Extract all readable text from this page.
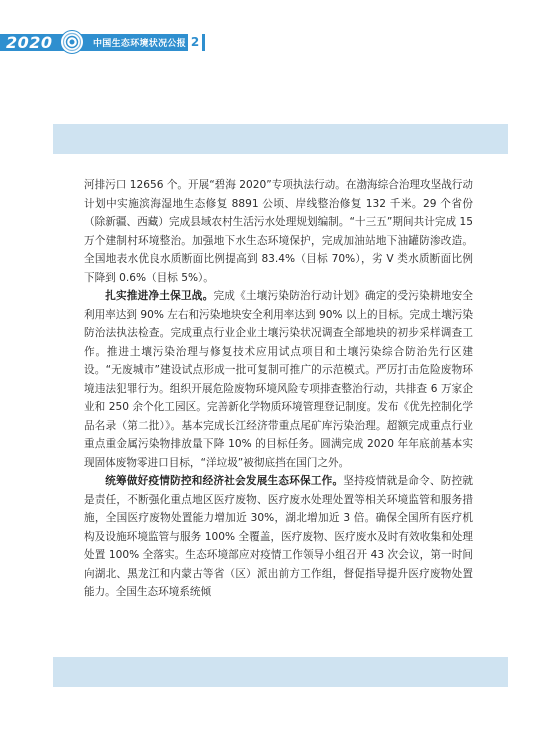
2020	中国生态环境状况公报 2

河排污口 12656 个。开展“碧海 2020”专项执法行动。在渤海综合治理攻坚战行动计划中实施滨海湿地生态修复 8891 公顷、岸线整治修复 132 千米。29 个省份（除新疆、西藏）完成县域农村生活污水处理规划编制。“十三五”期间共计完成 15 万个建制村环境整治。加强地下水生态环境保护，完成加油站地下油罐防渗改造。全国地表水优良水质断面比例提高到 83.4%（目标 70%），劣 V 类水质断面比例下降到 0.6%（目标 5%）。

扎实推进净土保卫战。完成《土壤污染防治行动计划》确定的受污染耕地安全利用率达到 90% 左右和污染地块安全利用率达到 90% 以上的目标。完成土壤污染防治法执法检查。完成重点行业企业土壤污染状况调查全部地块的初步采样调查工作。推进土壤污染治理与修复技术应用试点项目和土壤污染综合防治先行区建设。“无废城市”建设试点形成一批可复制可推广的示范模式。严厉打击危险废物环境违法犯罪行为。组织开展危险废物环境风险专项排查整治行动，共排查 6 万家企业和 250 余个化工园区。完善新化学物质环境管理登记制度。发布《优先控制化学品名录（第二批）》。基本完成长江经济带重点尾矿库污染治理。超额完成重点行业重点重金属污染物排放量下降 10% 的目标任务。圆满完成 2020 年年底前基本实现固体废物零进口目标，“洋垃圾”被彻底挡在国门之外。

统筹做好疫情防控和经济社会发展生态环保工作。坚持疫情就是命令、防控就是责任，不断强化重点地区医疗废物、医疗废水处理处置等相关环境监管和服务措施，全国医疗废物处置能力增加近 30%，湖北增加近 3 倍。确保全国所有医疗机构及设施环境监管与服务 100% 全覆盖，医疗废物、医疗废水及时有效收集和处理处置 100% 全落实。生态环境部应对疫情工作领导小组召开 43 次会议，第一时间向湖北、黑龙江和内蒙古等省（区）派出前方工作组，督促指导提升医疗废物处置能力。全国生态环境系统倾
